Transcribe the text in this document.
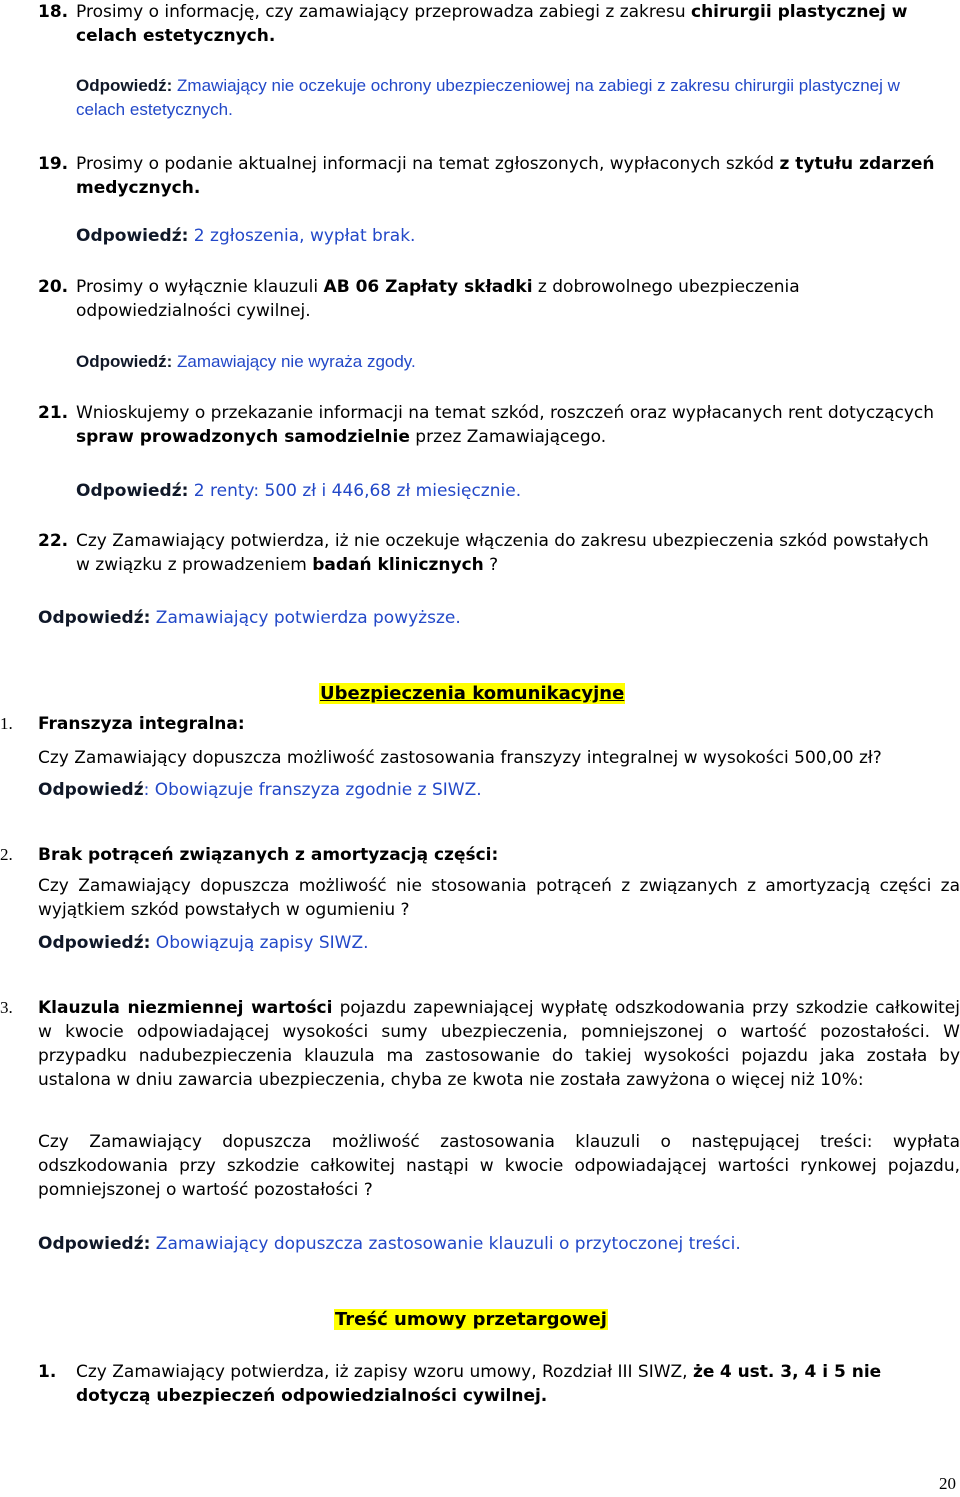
18. Prosimy o informację, czy zamawiający przeprowadza zabiegi z zakresu chirurgii plastycznej w celach estetycznych.
Odpowiedź: Zmawiający nie oczekuje ochrony ubezpieczeniowej na zabiegi z zakresu chirurgii plastycznej w celach estetycznych.
19. Prosimy o podanie aktualnej informacji na temat zgłoszonych, wypłaconych szkód z tytułu zdarzeń medycznych.
Odpowiedź: 2 zgłoszenia, wypłat brak.
20. Prosimy o wyłącznie klauzuli AB 06 Zapłaty składki z dobrowolnego ubezpieczenia odpowiedzialności cywilnej.
Odpowiedź: Zamawiający nie wyraża zgody.
21. Wnioskujemy o przekazanie informacji na temat szkód, roszczeń oraz wypłacanych rent dotyczących spraw prowadzonych samodzielnie przez Zamawiającego.
Odpowiedź: 2 renty: 500 zł i 446,68 zł miesięcznie.
22. Czy Zamawiający potwierdza, iż nie oczekuje włączenia do zakresu ubezpieczenia szkód powstałych w związku z prowadzeniem badań klinicznych ?
Odpowiedź: Zamawiający potwierdza powyższe.
Ubezpieczenia komunikacyjne
1. Franszyza integralna:
Czy Zamawiający dopuszcza możliwość zastosowania franszyzy integralnej w wysokości 500,00 zł?
Odpowiedź: Obowiązuje franszyza zgodnie z SIWZ.
2. Brak potrąceń związanych z amortyzacją części:
Czy Zamawiający dopuszcza możliwość nie stosowania potrąceń z związanych z amortyzacją części za wyjątkiem szkód powstałych w ogumieniu ?
Odpowiedź: Obowiązują zapisy SIWZ.
3. Klauzula niezmiennej wartości pojazdu zapewniającej wypłatę odszkodowania przy szkodzie całkowitej w kwocie odpowiadającej wysokości sumy ubezpieczenia, pomniejszonej o wartość pozostałości. W przypadku nadubezpieczenia klauzula ma zastosowanie do takiej wysokości pojazdu jaka została by ustalona w dniu zawarcia ubezpieczenia, chyba ze kwota nie została zawyżona o więcej niż 10%:
Czy Zamawiający dopuszcza możliwość zastosowania klauzuli o następującej treści: wypłata odszkodowania przy szkodzie całkowitej nastąpi w kwocie odpowiadającej wartości rynkowej pojazdu, pomniejszonej o wartość pozostałości ?
Odpowiedź: Zamawiający dopuszcza zastosowanie klauzuli o przytoczonej treści.
Treść umowy przetargowej
1.	Czy Zamawiający potwierdza, iż zapisy wzoru umowy, Rozdział III SIWZ, że 4 ust. 3, 4 i 5 nie dotyczą ubezpieczeń odpowiedzialności cywilnej.
20
